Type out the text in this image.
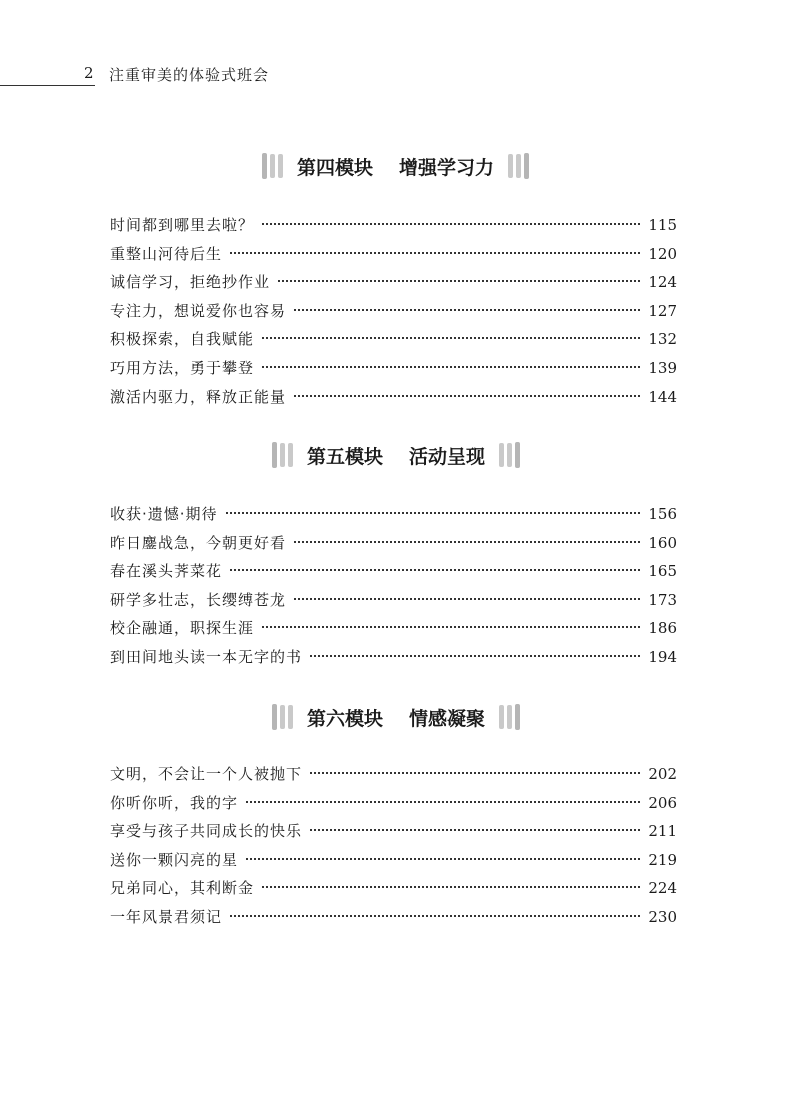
2 注重审美的体验式班会
第四模块 增强学习力
时间都到哪里去啦？	115
重整山河待后生	120
诚信学习，拒绝抄作业	124
专注力，想说爱你也容易	127
积极探索，自我赋能	132
巧用方法，勇于攀登	139
激活内驱力，释放正能量	144
第五模块 活动呈现
收获·遗憾·期待	156
昨日鏖战急，今朝更好看	160
春在溪头荠菜花	165
研学多壮志，长缨缚苍龙	173
校企融通，职探生涯	186
到田间地头读一本无字的书	194
第六模块 情感凝聚
文明，不会让一个人被抛下	202
你听你听，我的字	206
享受与孩子共同成长的快乐	211
送你一颗闪亮的星	219
兄弟同心，其利断金	224
一年风景君须记	230
